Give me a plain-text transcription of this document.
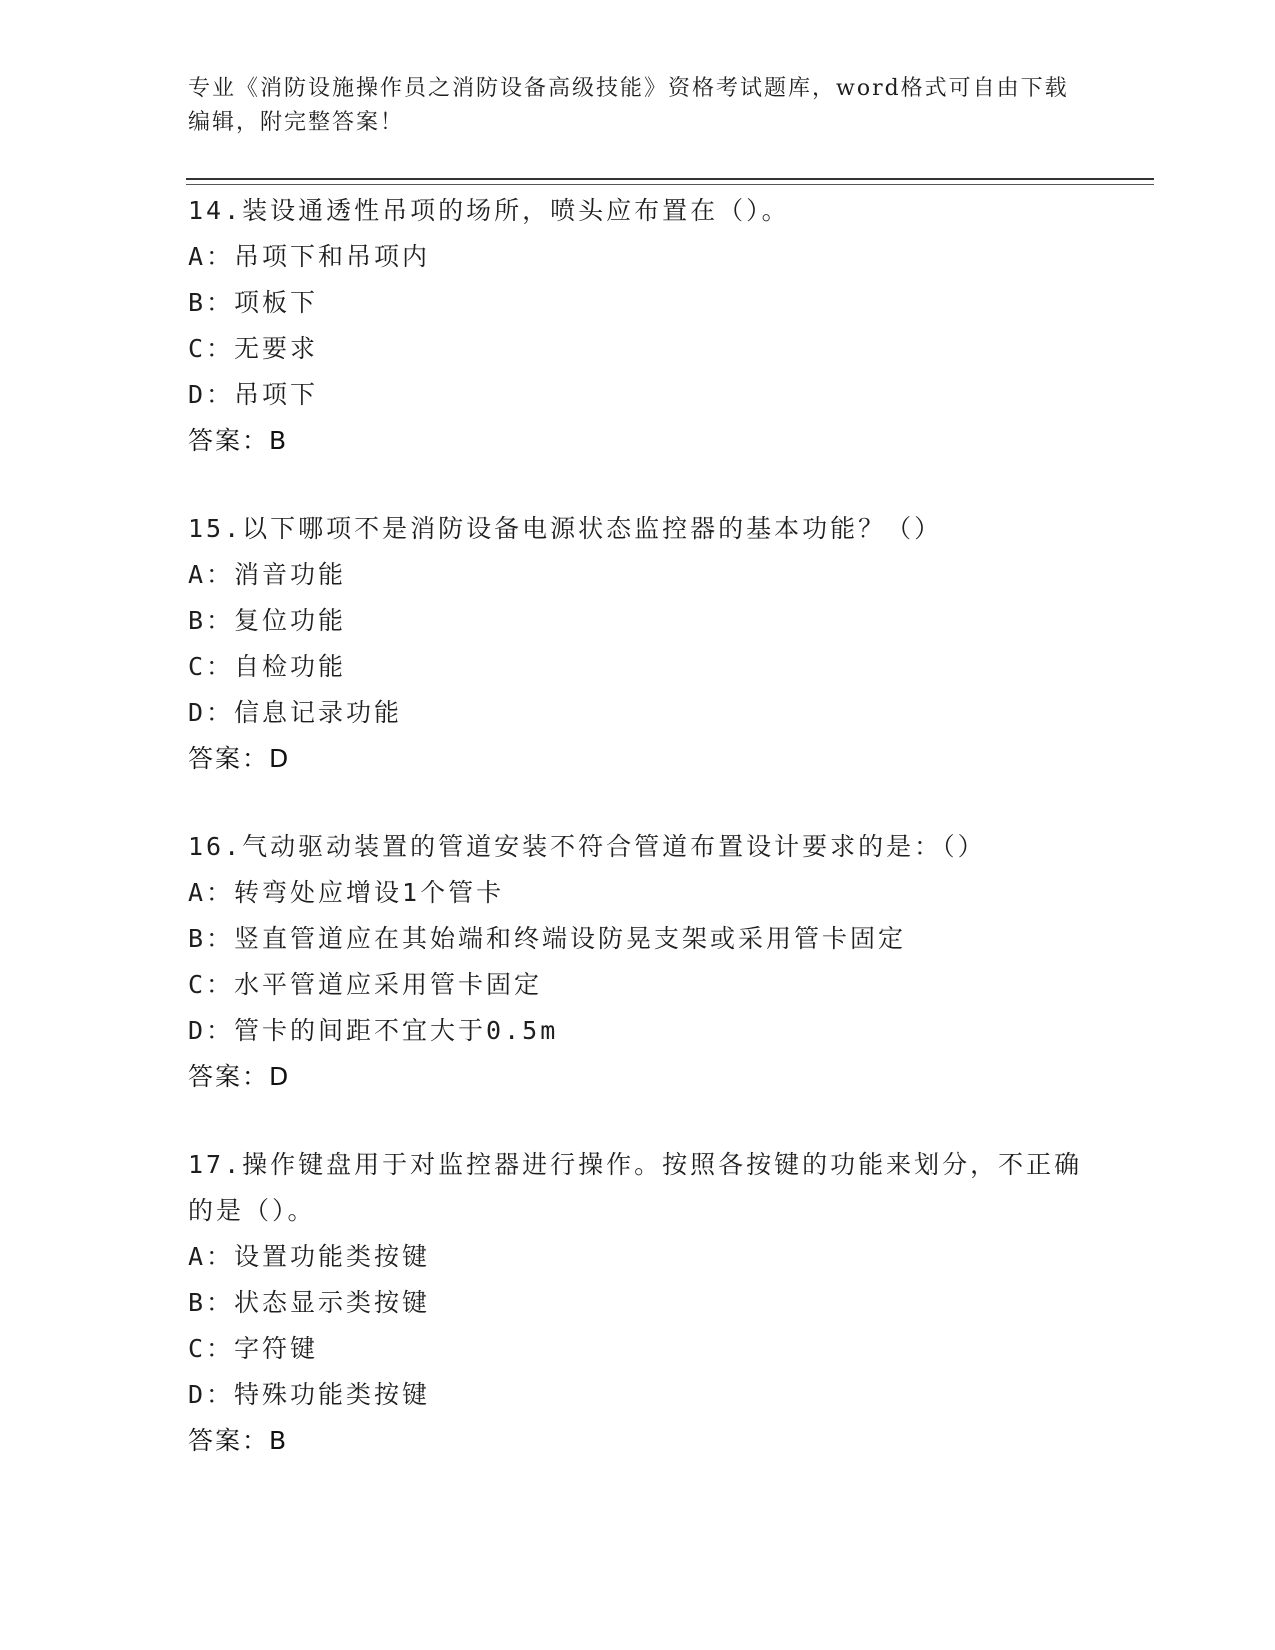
专业《消防设施操作员之消防设备高级技能》资格考试题库，word格式可自由下载编辑，附完整答案！
14.装设通透性吊项的场所，喷头应布置在（）。
A：吊项下和吊项内
B：项板下
C：无要求
D：吊项下
答案：B
15.以下哪项不是消防设备电源状态监控器的基本功能？（）
A：消音功能
B：复位功能
C：自检功能
D：信息记录功能
答案：D
16.气动驱动装置的管道安装不符合管道布置设计要求的是：（）
A：转弯处应增设1个管卡
B：竖直管道应在其始端和终端设防晃支架或采用管卡固定
C：水平管道应采用管卡固定
D：管卡的间距不宜大于0.5m
答案：D
17.操作键盘用于对监控器进行操作。按照各按键的功能来划分，不正确的是（）。
A：设置功能类按键
B：状态显示类按键
C：字符键
D：特殊功能类按键
答案：B
